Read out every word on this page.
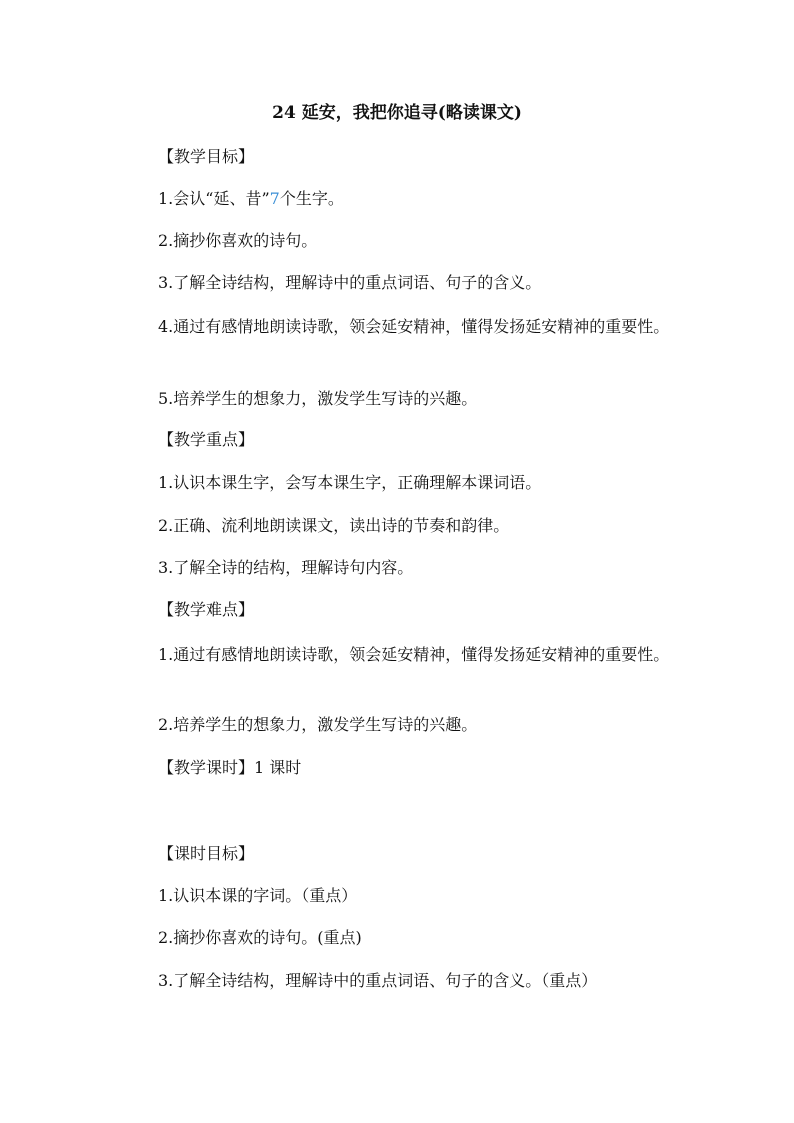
24 延安，我把你追寻(略读课文)
【教学目标】
1.会认“延、昔”7个生字。
2.摘抄你喜欢的诗句。
3.了解全诗结构，理解诗中的重点词语、句子的含义。
4.通过有感情地朗读诗歌，领会延安精神，懂得发扬延安精神的重要性。
5.培养学生的想象力，激发学生写诗的兴趣。
【教学重点】
1.认识本课生字，会写本课生字，正确理解本课词语。
2.正确、流利地朗读课文，读出诗的节奏和韵律。
3.了解全诗的结构，理解诗句内容。
【教学难点】
1.通过有感情地朗读诗歌，领会延安精神，懂得发扬延安精神的重要性。
2.培养学生的想象力，激发学生写诗的兴趣。
【教学课时】1 课时
【课时目标】
1.认识本课的字词。（重点）
2.摘抄你喜欢的诗句。(重点)
3.了解全诗结构，理解诗中的重点词语、句子的含义。（重点）
